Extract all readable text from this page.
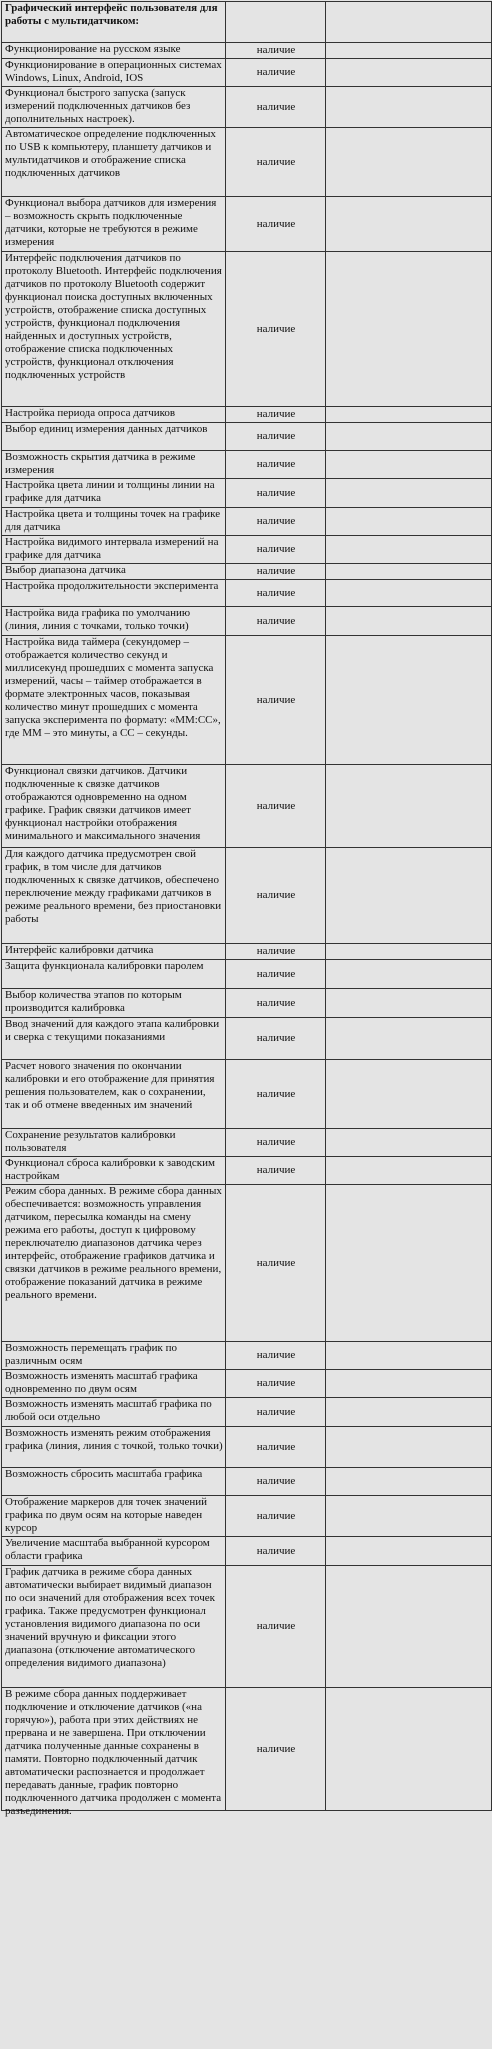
Графический интерфейс пользователя для работы с мультидатчиком:		

Функционирование на русском языке	наличие	

Функционирование в операционных системах Windows, Linux, Android, IOS	наличие	

Функционал быстрого запуска (запуск измерений подключенных датчиков без дополнительных настроек).	наличие	

Автоматическое определение подключенных по USB к компьютеру, планшету датчиков и мультидатчиков и отображение списка подключенных датчиков	наличие	

Функционал выбора датчиков для измерения – возможность скрыть подключенные датчики, которые не требуются в режиме измерения	наличие	

Интерфейс подключения датчиков по протоколу Bluetooth. Интерфейс подключения датчиков по протоколу Bluetooth содержит функционал поиска доступных включенных устройств, отображение списка доступных устройств, функционал подключения найденных и доступных устройств, отображение списка подключенных устройств, функционал отключения подключенных устройств	наличие	

Настройка периода опроса датчиков	наличие	

Выбор единиц измерения данных датчиков	наличие	

Возможность скрытия датчика в режиме измерения	наличие	

Настройка цвета линии и толщины линии на графике для датчика	наличие	

Настройка цвета и толщины точек на графике для датчика	наличие	

Настройка видимого интервала измерений на графике для датчика	наличие	

Выбор диапазона датчика	наличие	

Настройка продолжительности эксперимента	наличие	

Настройка вида графика по умолчанию (линия, линия с точками, только точки)	наличие	

Настройка вида таймера (секундомер – отображается количество секунд и миллисекунд прошедших с момента запуска измерений, часы – таймер отображается в формате электронных часов, показывая количество минут прошедших с момента запуска эксперимента по формату: «ММ:СС», где ММ – это минуты, а СС – секунды.	наличие	

Функционал связки датчиков. Датчики подключенные к связке датчиков отображаются одновременно на одном графике. График связки датчиков имеет функционал настройки отображения минимального и максимального значения	наличие	

Для каждого датчика предусмотрен свой график, в том числе для датчиков подключенных к связке датчиков, обеспечено переключение между графиками датчиков в режиме реального времени, без приостановки работы	наличие	

Интерфейс калибровки датчика	наличие	

Защита функционала калибровки паролем	наличие	

Выбор количества этапов по которым производится калибровка	наличие	

Ввод значений для каждого этапа калибровки и сверка с текущими показаниями	наличие	

Расчет нового значения по окончании калибровки и его отображение для принятия решения пользователем, как о сохранении, так и об отмене введенных им значений	наличие	

Сохранение результатов калибровки пользователя	наличие	

Функционал сброса калибровки к заводским настройкам	наличие	

Режим сбора данных. В режиме сбора данных обеспечивается: возможность управления датчиком, пересылка команды на смену режима его работы, доступ к цифровому переключателю диапазонов датчика через интерфейс, отображение графиков датчика и связки датчиков в режиме реального времени, отображение показаний датчика в режиме реального времени.	наличие	

Возможность перемещать график по различным осям	наличие	

Возможность изменять масштаб графика одновременно по двум осям	наличие	

Возможность изменять масштаб графика по любой оси отдельно	наличие	

Возможность изменять режим отображения графика (линия, линия с точкой, только точки)	наличие	

Возможность сбросить масштаба графика	наличие	

Отображение маркеров для точек значений графика по двум осям на которые наведен курсор	наличие	

Увеличение масштаба выбранной курсором области графика	наличие	

График датчика в режиме сбора данных автоматически выбирает видимый диапазон по оси значений для отображения всех точек графика. Также предусмотрен функционал установления видимого диапазона по оси значений вручную и фиксации этого диапазона (отключение автоматического определения видимого диапазона)	наличие	

В режиме сбора данных поддерживает подключение и отключение датчиков («на горячую»), работа при этих действиях не прервана и не завершена. При отключении датчика полученные данные сохранены в памяти. Повторно подключенный датчик автоматически распознается и продолжает передавать данные, график повторно подключенного датчика продолжен с момента разъединения.	наличие	
